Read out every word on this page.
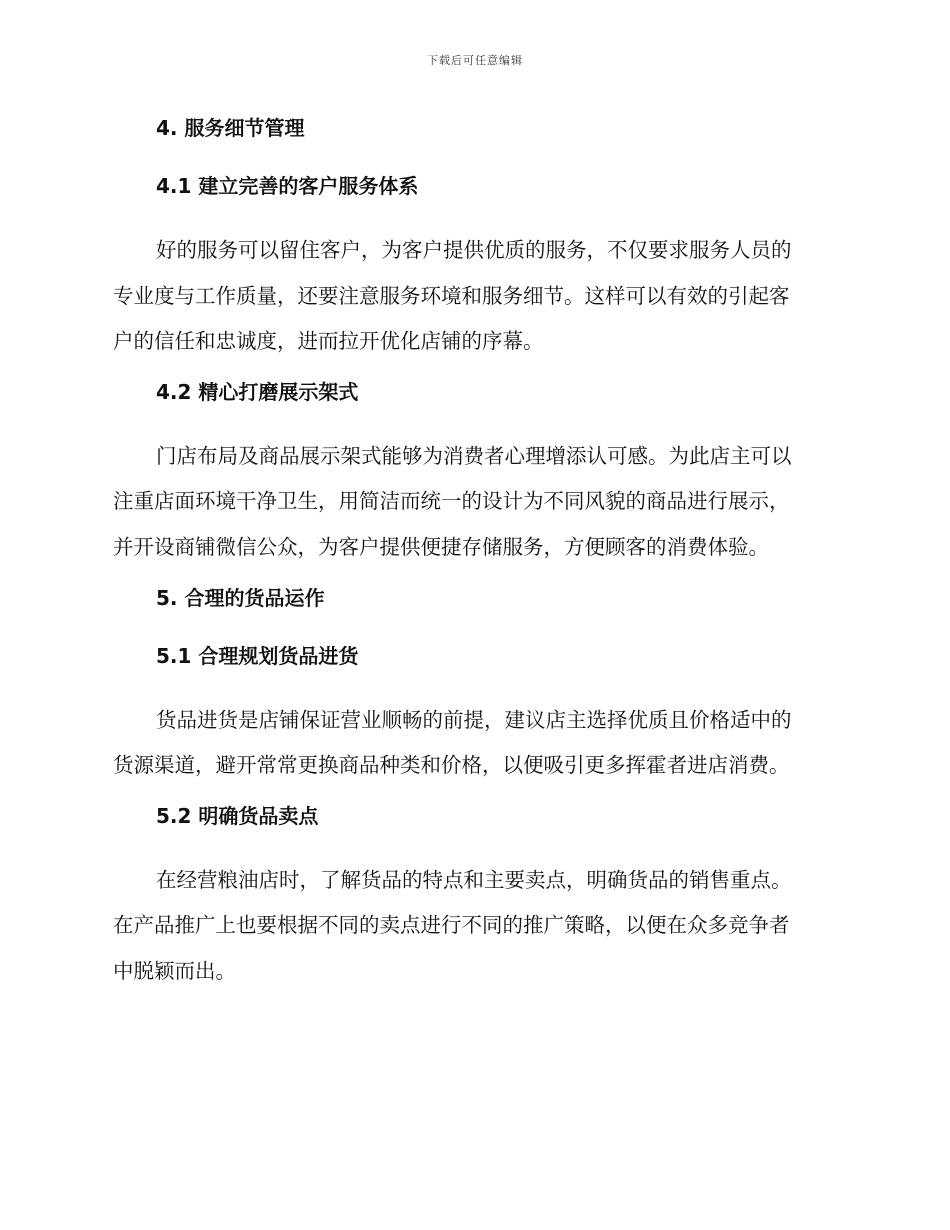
下载后可任意编辑
4. 服务细节管理
4.1 建立完善的客户服务体系
好的服务可以留住客户，为客户提供优质的服务，不仅要求服务人员的
专业度与工作质量，还要注意服务环境和服务细节。这样可以有效的引起客
户的信任和忠诚度，进而拉开优化店铺的序幕。
4.2 精心打磨展示架式
门店布局及商品展示架式能够为消费者心理增添认可感。为此店主可以
注重店面环境干净卫生，用简洁而统一的设计为不同风貌的商品进行展示，
并开设商铺微信公众，为客户提供便捷存储服务，方便顾客的消费体验。
5. 合理的货品运作
5.1 合理规划货品进货
货品进货是店铺保证营业顺畅的前提，建议店主选择优质且价格适中的
货源渠道，避开常常更换商品种类和价格，以便吸引更多挥霍者进店消费。
5.2 明确货品卖点
在经营粮油店时，了解货品的特点和主要卖点，明确货品的销售重点。
在产品推广上也要根据不同的卖点进行不同的推广策略，以便在众多竞争者
中脱颖而出。
